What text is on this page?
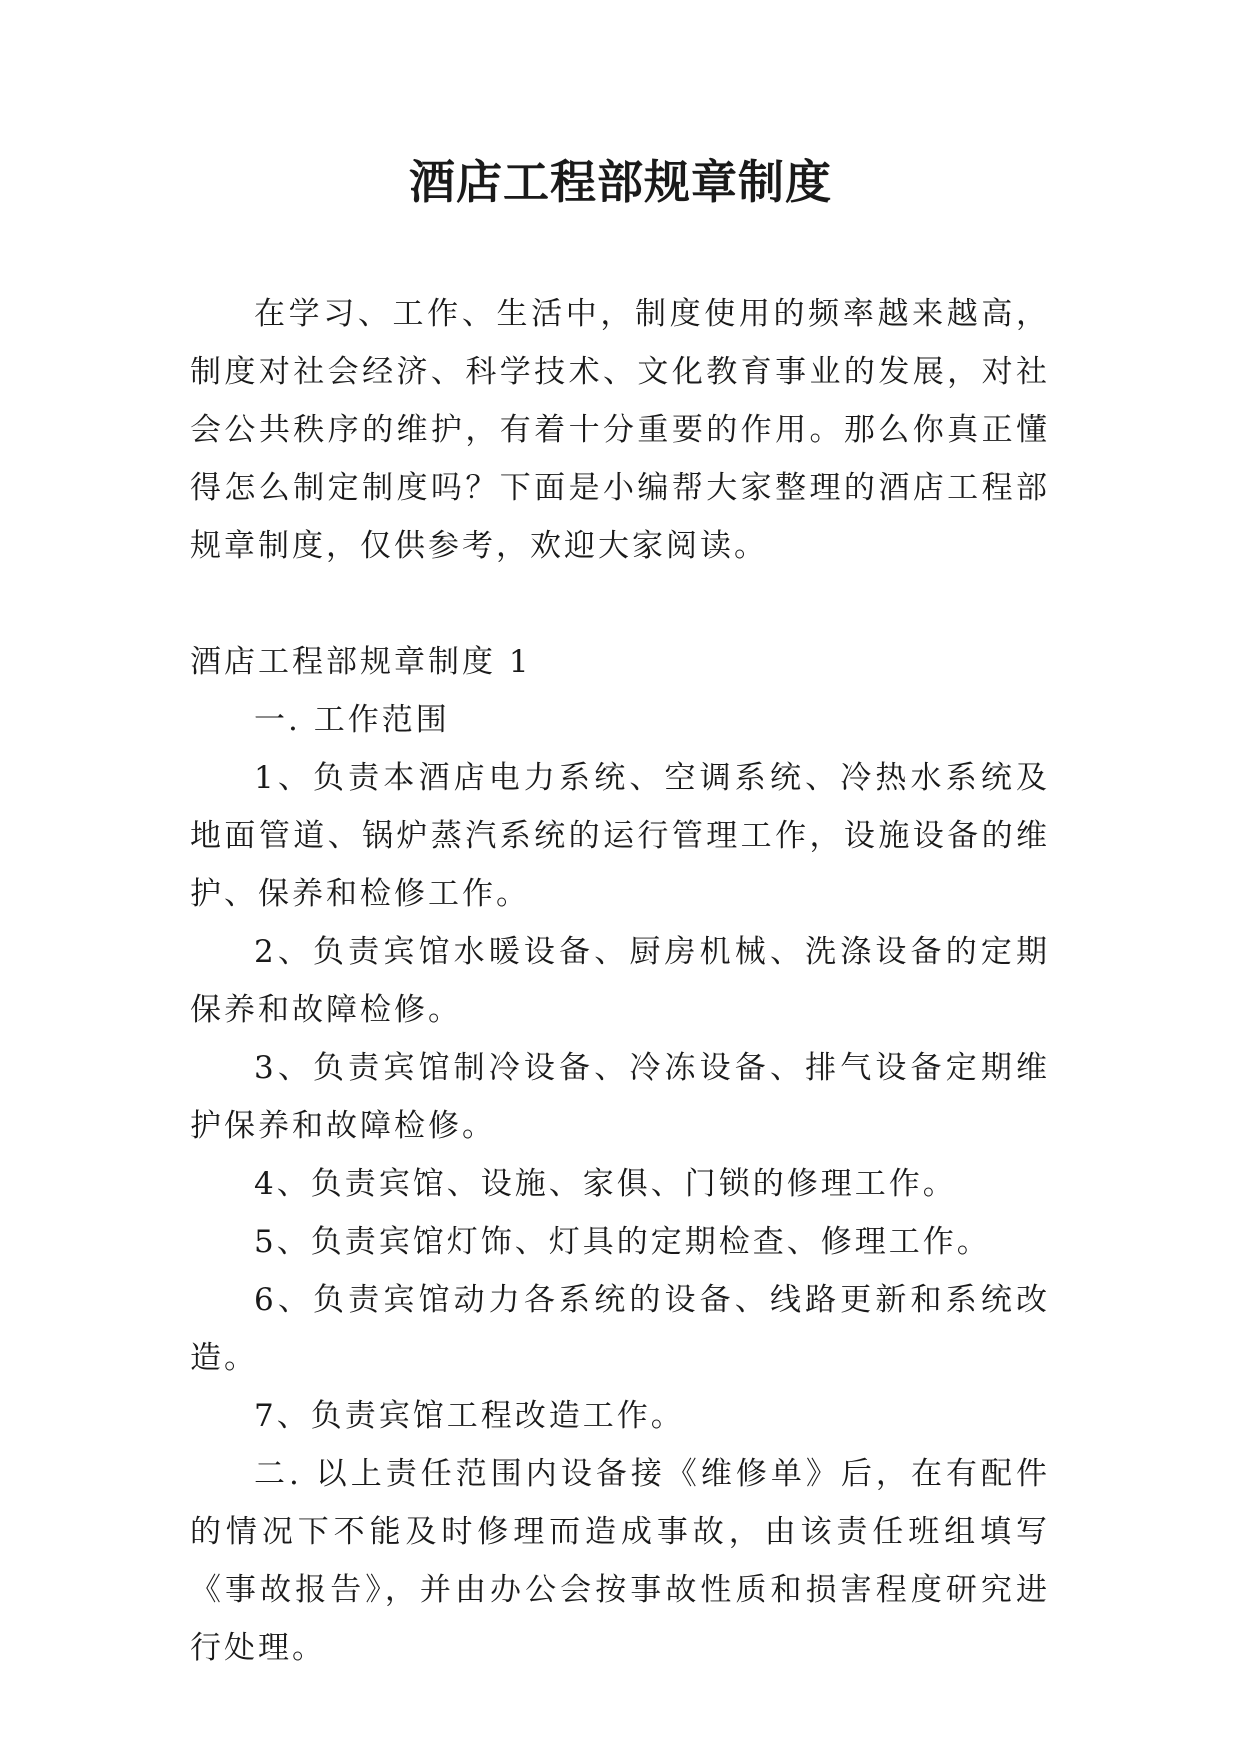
酒店工程部规章制度

在学习、工作、生活中，制度使用的频率越来越高，制度对社会经济、科学技术、文化教育事业的发展，对社会公共秩序的维护，有着十分重要的作用。那么你真正懂得怎么制定制度吗？下面是小编帮大家整理的酒店工程部规章制度，仅供参考，欢迎大家阅读。

酒店工程部规章制度 1

一. 工作范围

1、负责本酒店电力系统、空调系统、冷热水系统及地面管道、锅炉蒸汽系统的运行管理工作，设施设备的维护、保养和检修工作。

2、负责宾馆水暖设备、厨房机械、洗涤设备的定期保养和故障检修。

3、负责宾馆制冷设备、冷冻设备、排气设备定期维护保养和故障检修。

4、负责宾馆、设施、家俱、门锁的修理工作。

5、负责宾馆灯饰、灯具的定期检查、修理工作。

6、负责宾馆动力各系统的设备、线路更新和系统改造。

7、负责宾馆工程改造工作。

二. 以上责任范围内设备接《维修单》后，在有配件的情况下不能及时修理而造成事故，由该责任班组填写《事故报告》，并由办公会按事故性质和损害程度研究进行处理。
